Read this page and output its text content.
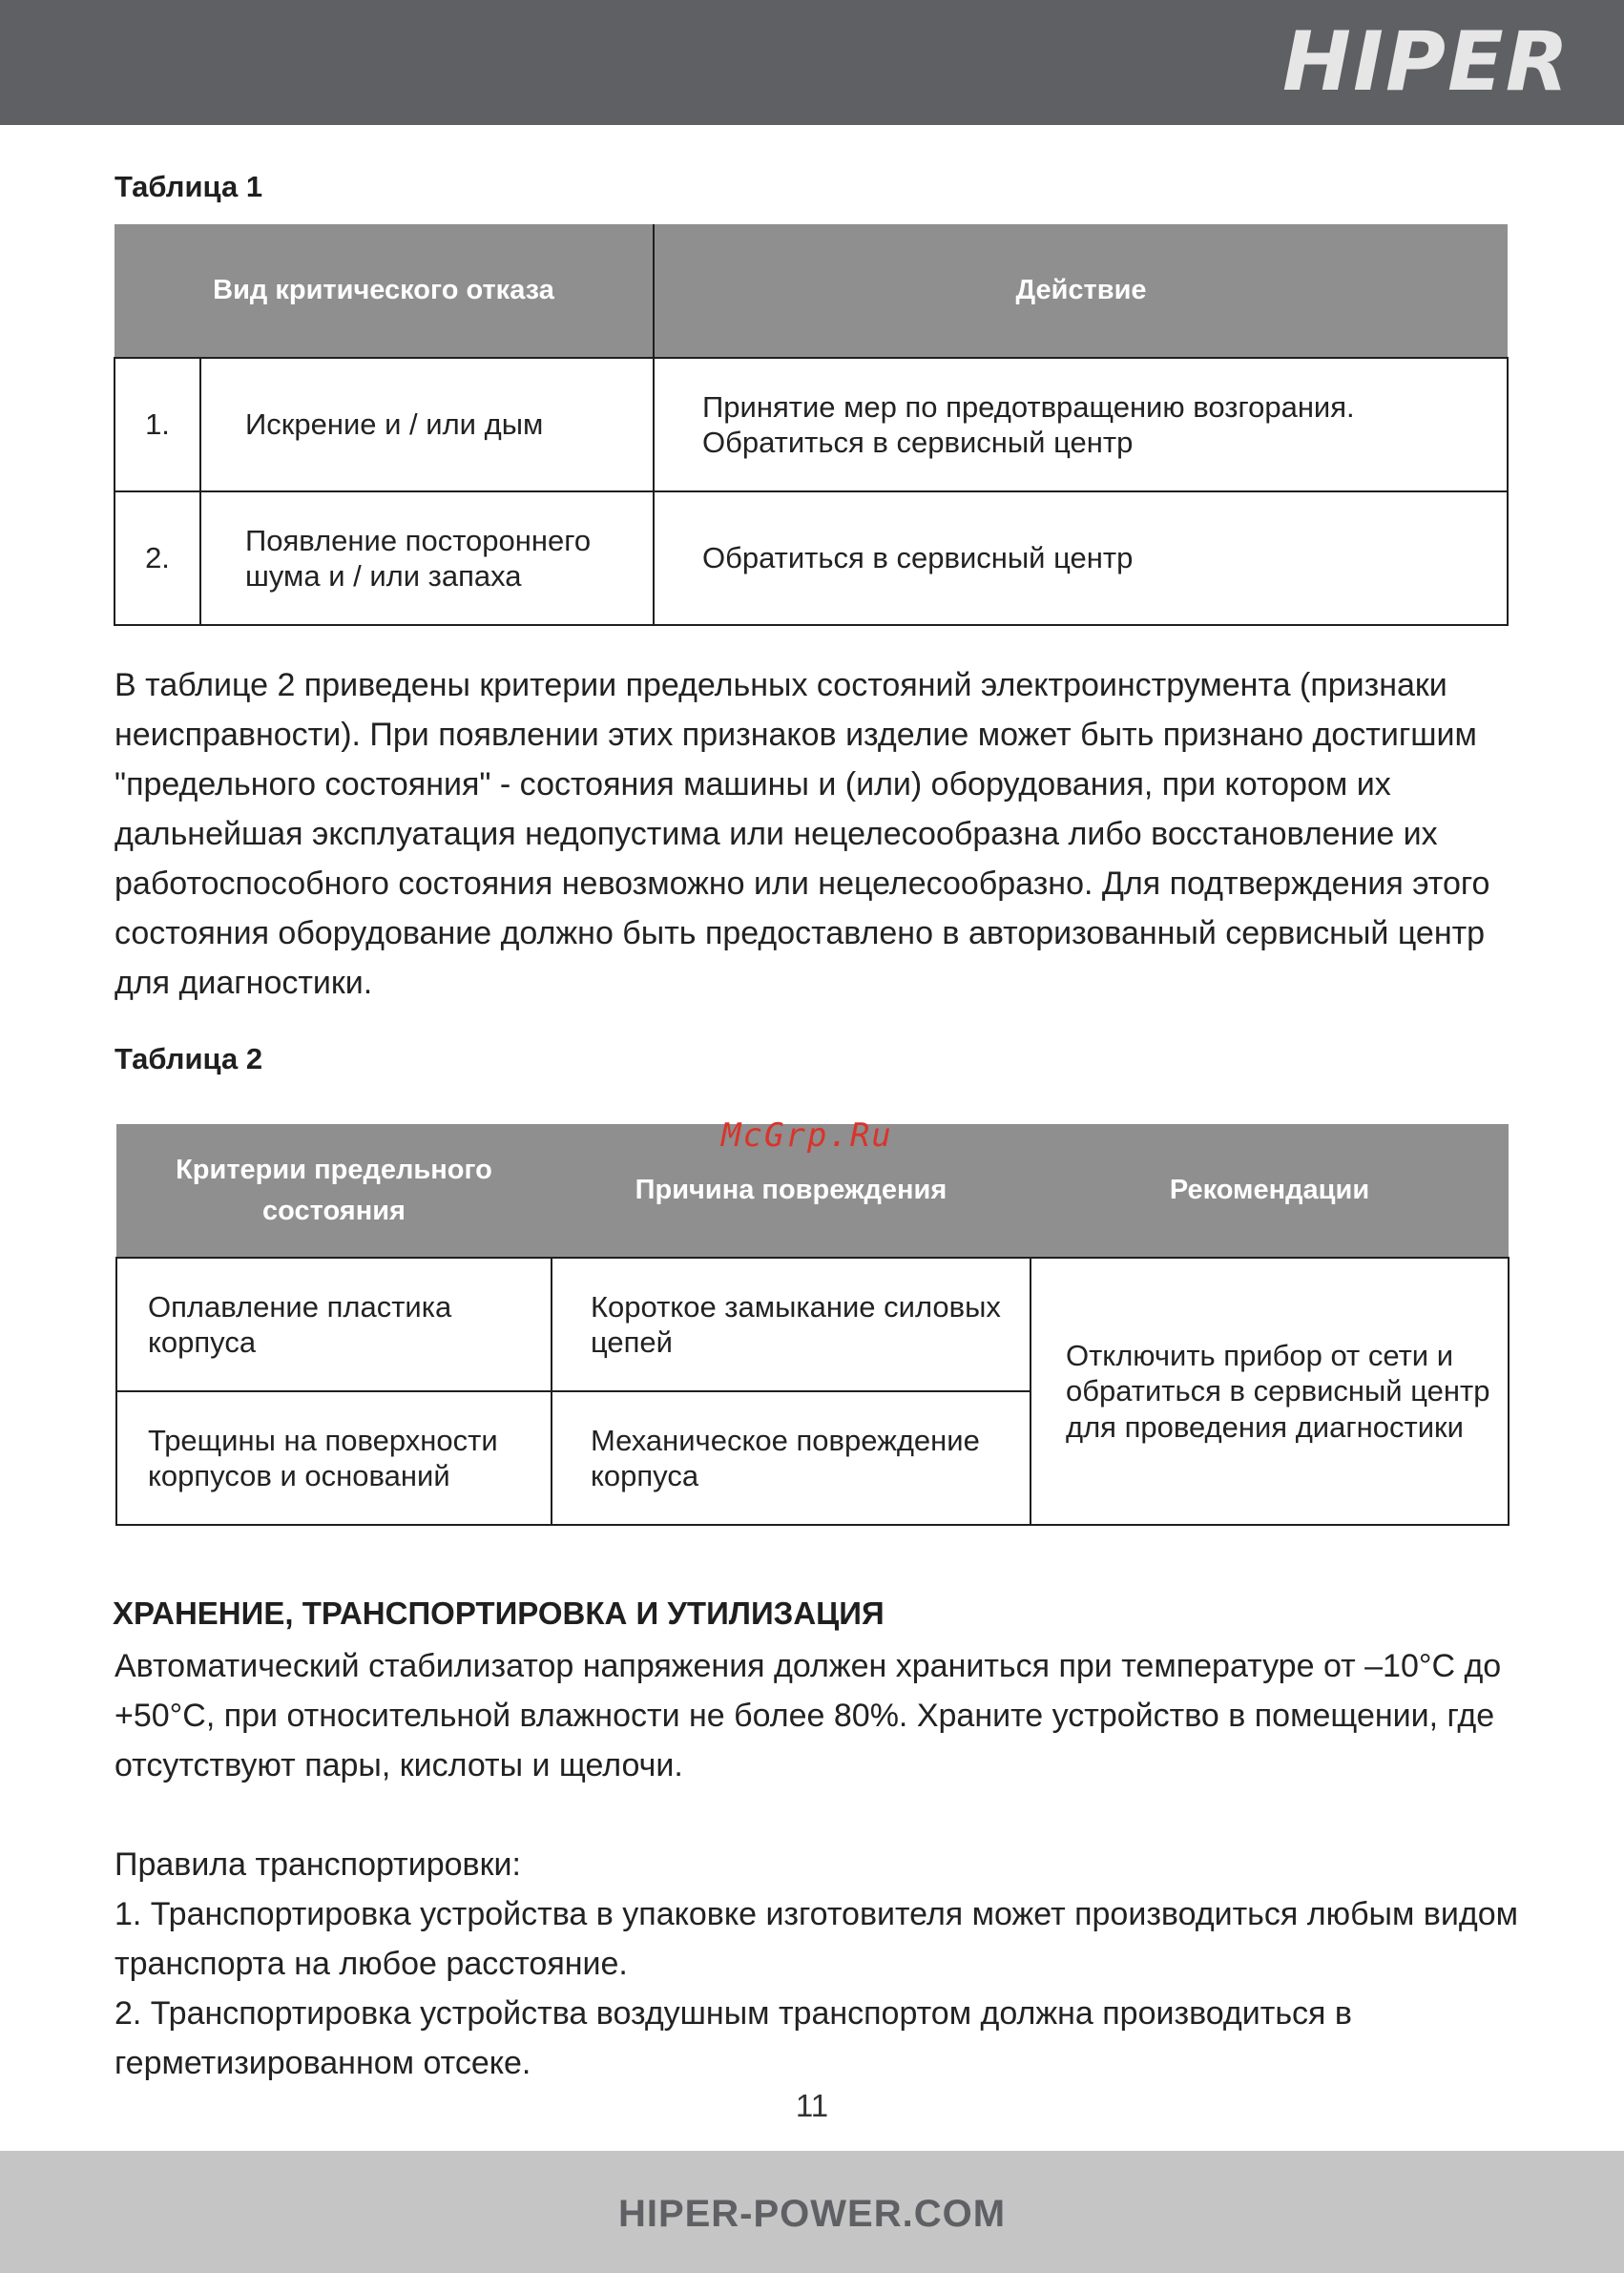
HIPER
Таблица 1
Вид критического отказа		Действие
1.	Искрение и / или дым	Принятие мер по предотвращению возгорания. Обратиться в сервисный центр
2.	Появление постороннего шума и / или запаха	Обратиться в сервисный центр
В таблице 2 приведены критерии предельных состояний электроинструмента (признаки неисправности). При появлении этих признаков изделие может быть признано достигшим "предельного состояния" - состояния машины и (или) оборудования, при котором их дальнейшая эксплуатация недопустима или нецелесообразна либо восстановление их работоспособного состояния невозможно или нецелесообразно. Для подтверждения этого состояния оборудование должно быть предоставлено в авторизованный сервисный центр для диагностики.
Таблица 2
Критерии предельного состояния	Причина повреждения	Рекомендации
Оплавление пластика корпуса	Короткое замыкание силовых цепей	Отключить прибор от сети и обратиться в сервисный центр для проведения диагностики
Трещины на поверхности корпусов и оснований	Механическое повреждение корпуса	
McGrp.Ru
ХРАНЕНИЕ, ТРАНСПОРТИРОВКА И УТИЛИЗАЦИЯ
Автоматический стабилизатор напряжения должен храниться при температуре от –10°С до +50°С, при относительной влажности не более 80%. Храните устройство в помещении, где отсутствуют пары, кислоты и щелочи.
Правила транспортировки:
1. Транспортировка устройства в упаковке изготовителя может производиться любым видом транспорта на любое расстояние.
2. Транспортировка устройства воздушным транспортом должна производиться в герметизированном отсеке.
11
HIPER-POWER.COM
